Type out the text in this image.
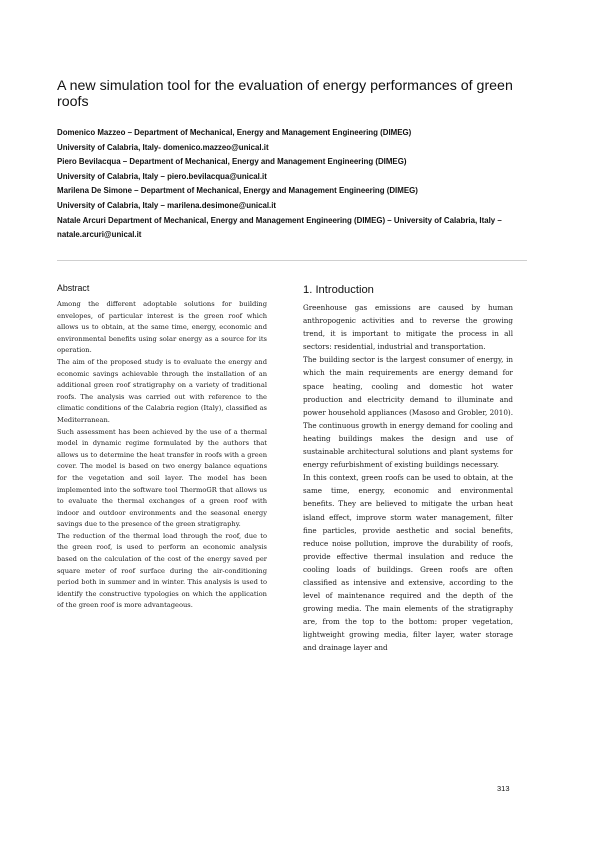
A new simulation tool for the evaluation of energy performances of green roofs
Domenico Mazzeo – Department of Mechanical, Energy and Management Engineering (DIMEG)
University of Calabria, Italy- domenico.mazzeo@unical.it
Piero Bevilacqua – Department of Mechanical, Energy and Management Engineering (DIMEG)
University of Calabria, Italy – piero.bevilacqua@unical.it
Marilena De Simone – Department of Mechanical, Energy and Management Engineering (DIMEG)
University of Calabria, Italy – marilena.desimone@unical.it
Natale Arcuri Department of Mechanical, Energy and Management Engineering (DIMEG) – University of Calabria, Italy – natale.arcuri@unical.it
Abstract

Among the different adoptable solutions for building envelopes, of particular interest is the green roof which allows us to obtain, at the same time, energy, economic and environmental benefits using solar energy as a source for its operation.

The aim of the proposed study is to evaluate the energy and economic savings achievable through the installation of an additional green roof stratigraphy on a variety of traditional roofs. The analysis was carried out with reference to the climatic conditions of the Calabria region (Italy), classified as Mediterranean.

Such assessment has been achieved by the use of a thermal model in dynamic regime formulated by the authors that allows us to determine the heat transfer in roofs with a green cover. The model is based on two energy balance equations for the vegetation and soil layer. The model has been implemented into the software tool ThermoGR that allows us to evaluate the thermal exchanges of a green roof with indoor and outdoor environments and the seasonal energy savings due to the presence of the green stratigraphy.

The reduction of the thermal load through the roof, due to the green roof, is used to perform an economic analysis based on the calculation of the cost of the energy saved per square meter of roof surface during the air-conditioning period both in summer and in winter. This analysis is used to identify the constructive typologies on which the application of the green roof is more advantageous.

1. Introduction

Greenhouse gas emissions are caused by human anthropogenic activities and to reverse the growing trend, it is important to mitigate the process in all sectors: residential, industrial and transportation.

The building sector is the largest consumer of energy, in which the main requirements are energy demand for space heating, cooling and domestic hot water production and electricity demand to illuminate and power household appliances (Masoso and Grobler, 2010). The continuous growth in energy demand for cooling and heating buildings makes the design and use of sustainable architectural solutions and plant systems for energy refurbishment of existing buildings necessary.

In this context, green roofs can be used to obtain, at the same time, energy, economic and environmental benefits. They are believed to mitigate the urban heat island effect, improve storm water management, filter fine particles, provide aesthetic and social benefits, reduce noise pollution, improve the durability of roofs, provide effective thermal insulation and reduce the cooling loads of buildings. Green roofs are often classified as intensive and extensive, according to the level of maintenance required and the depth of the growing media. The main elements of the stratigraphy are, from the top to the bottom: proper vegetation, lightweight growing media, filter layer, water storage and drainage layer and

313
